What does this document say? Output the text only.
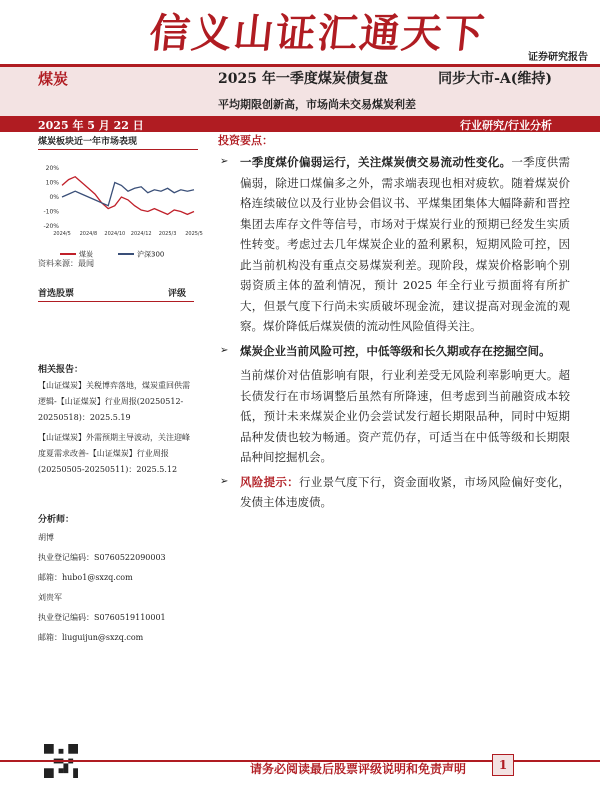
信义山证汇通天下
证券研究报告
煤炭	2025 年一季度煤炭债复盘	同步大市-A(维持)
平均期限创新高，市场尚未交易煤炭利差
2025 年 5 月 22 日	行业研究/行业分析
煤炭板块近一年市场表现
20%
10%
0%
-10%
-20%
2024/5 2024/8 2024/10 2024/12 2025/3 2025/5
煤炭	沪深300
资料来源：最闻
首选股票	评级
相关报告：

【山证煤炭】关税博弈落地，煤炭重回供需逻辑-【山证煤炭】行业周报(20250512-20250518)：2025.5.19

【山证煤炭】外需预期主导波动，关注迎峰度夏需求改善-【山证煤炭】行业周报(20250505-20250511)：2025.5.12

分析师：
胡博
执业登记编码：S0760522090003
邮箱：hubo1@sxzq.com
刘贵军
执业登记编码：S0760519110001
邮箱：liuguijun@sxzq.com
投资要点：
➢ 一季度煤价偏弱运行，关注煤炭债交易流动性变化。一季度供需偏弱，除进口煤偏多之外，需求端表现也相对疲软。随着煤炭价格连续破位以及行业协会倡议书、平煤集团集体大幅降薪和晋控集团去库存文件等信号，市场对于煤炭行业的预期已经发生实质性转变。考虑过去几年煤炭企业的盈利累积，短期风险可控，因此当前机构没有重点交易煤炭利差。现阶段，煤炭价格影响个别弱资质主体的盈利情况，预计 2025 年全行业亏损面将有所扩大，但景气度下行尚未实质破坏现金流，建议提高对现金流的观察。煤价降低后煤炭债的流动性风险值得关注。
➢ 煤炭企业当前风险可控，中低等级和长久期或存在挖掘空间。
当前煤价对估值影响有限，行业利差受无风险利率影响更大。超长债发行在市场调整后虽然有所降速，但考虑到当前融资成本较低，预计未来煤炭企业仍会尝试发行超长期限品种，同时中短期品种发债也较为畅通。资产荒仍存，可适当在中低等级和长期限品种间挖掘机会。
➢ 风险提示：行业景气度下行，资金面收紧，市场风险偏好变化，发债主体违废债。
请务必阅读最后股票评级说明和免责声明	1
